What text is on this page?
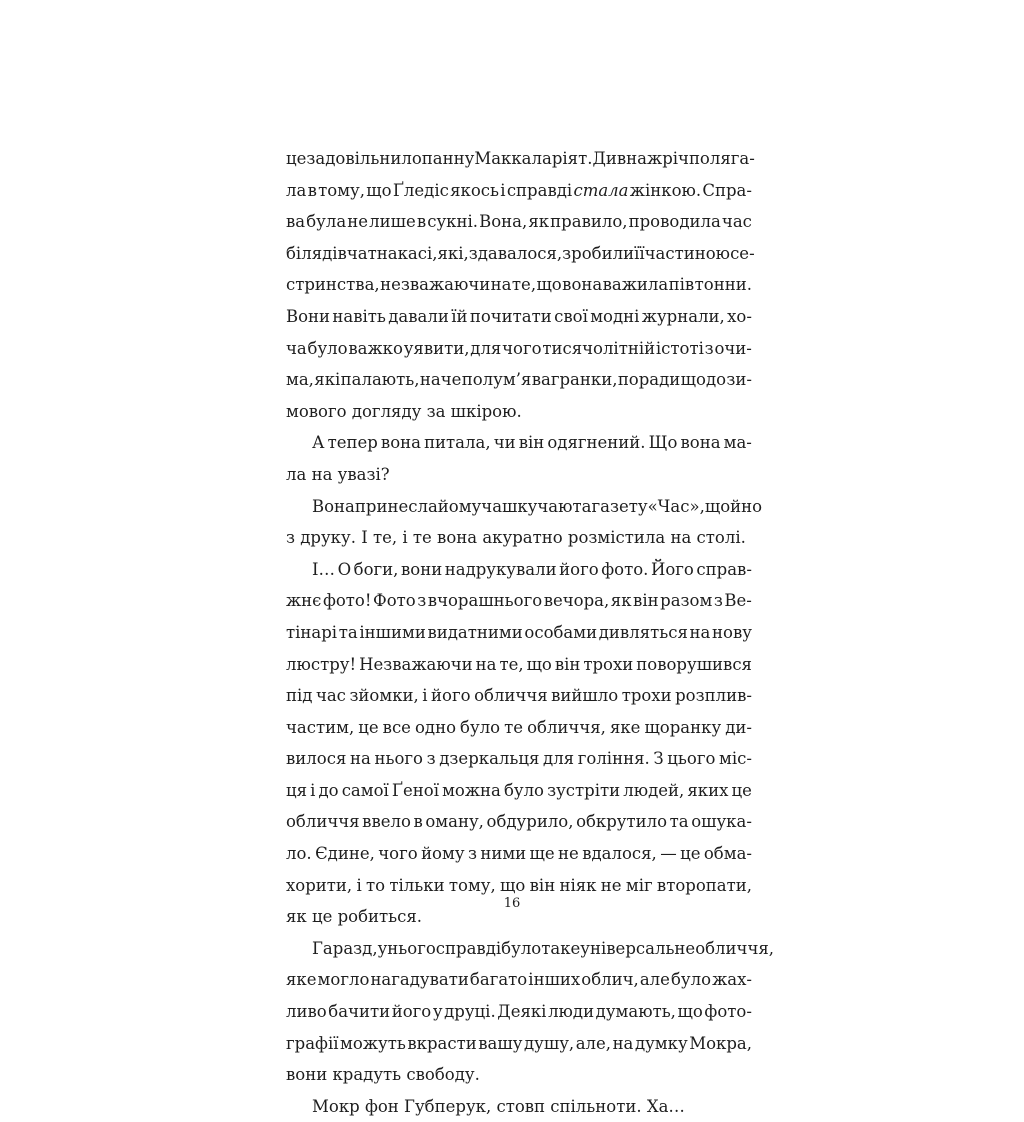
це задовільнило панну Маккаларіят. Дивна ж річ поляга-
ла в тому, що Ґледіс якось і справді стала жінкою. Спра-
ва була не лише в сукні. Вона, як правило, проводила час
біля дівчат на касі, які, здавалося, зробили її частиною се-
стринства, незважаючи на те, що вона важила пів тонни.
Вони навіть давали їй почитати свої модні журнали, хо-
ча було важко уявити, для чого тисячолітній істоті з очи-
ма, які палають, наче полум’я вагранки, поради щодо зи-
мового догляду за шкірою.
А тепер вона питала, чи він одягнений. Що вона ма-
ла на увазі?
Вона принесла йому чашку чаю та газету «Час», щойно
з друку. І те, і те вона акуратно розмістила на столі.
І… О боги, вони надрукували його фото. Його справ-
жнє фото! Фото з вчорашнього вечора, як він разом з Ве-
тінарі та іншими видатними особами дивляться на нову
люстру! Незважаючи на те, що він трохи поворушився
під час зйомки, і його обличчя вийшло трохи розплив-
частим, це все одно було те обличчя, яке щоранку ди-
вилося на нього з дзеркальця для гоління. З цього міс-
ця і до самої Ґеної можна було зустріти людей, яких це
обличчя ввело в оману, обдурило, обкрутило та ошука-
ло. Єдине, чого йому з ними ще не вдалося, — це обма-
хорити, і то тільки тому, що він ніяк не міг второпати,
як це робиться.
Гаразд, у нього справді було таке універсальне обличчя,
яке могло нагадувати багато інших облич, але було жах-
ливо бачити його у друці. Деякі люди думають, що фото-
графії можуть вкрасти вашу душу, але, на думку Мокра,
вони крадуть свободу.
Мокр фон Губперук, стовп спільноти. Ха…
16
